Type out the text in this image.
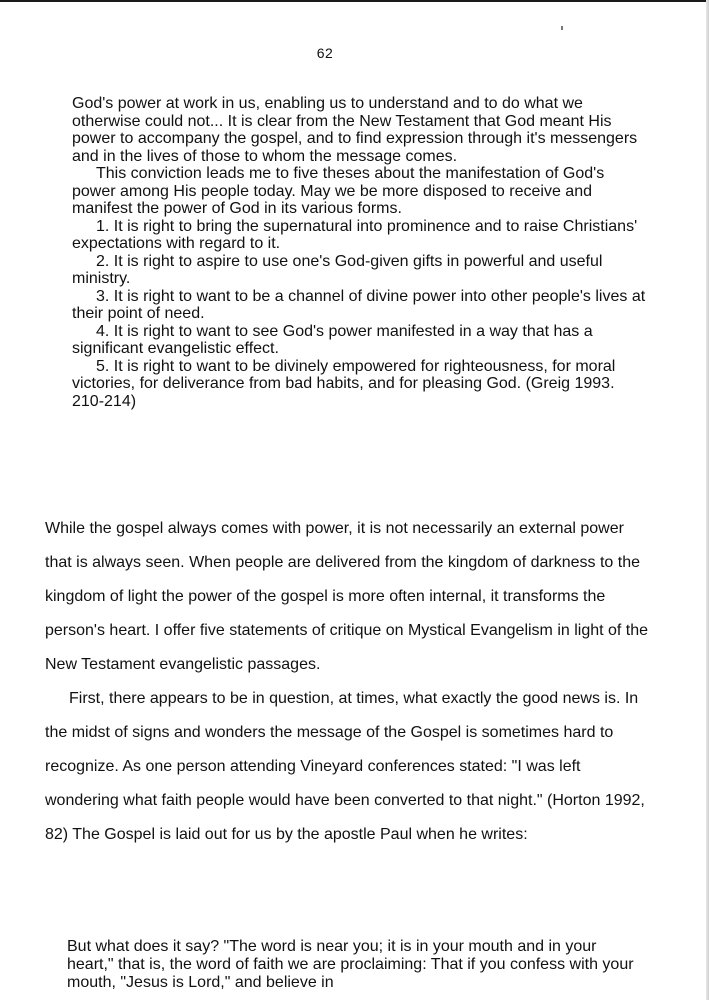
62

God's power at work in us, enabling us to understand and to do what we otherwise could not... It is clear from the New Testament that God meant His power to accompany the gospel, and to find expression through it's messengers and in the lives of those to whom the message comes.

This conviction leads me to five theses about the manifestation of God's power among His people today. May we be more disposed to receive and manifest the power of God in its various forms.

1. It is right to bring the supernatural into prominence and to raise Christians' expectations with regard to it.

2. It is right to aspire to use one's God-given gifts in powerful and useful ministry.

3. It is right to want to be a channel of divine power into other people's lives at their point of need.

4. It is right to want to see God's power manifested in a way that has a significant evangelistic effect.

5. It is right to want to be divinely empowered for righteousness, for moral victories, for deliverance from bad habits, and for pleasing God. (Greig 1993. 210-214)

While the gospel always comes with power, it is not necessarily an external power that is always seen. When people are delivered from the kingdom of darkness to the kingdom of light the power of the gospel is more often internal, it transforms the person's heart. I offer five statements of critique on Mystical Evangelism in light of the New Testament evangelistic passages.

First, there appears to be in question, at times, what exactly the good news is. In the midst of signs and wonders the message of the Gospel is sometimes hard to recognize. As one person attending Vineyard conferences stated: "I was left wondering what faith people would have been converted to that night." (Horton 1992, 82) The Gospel is laid out for us by the apostle Paul when he writes:

But what does it say? "The word is near you; it is in your mouth and in your heart," that is, the word of faith we are proclaiming: That if you confess with your mouth, "Jesus is Lord," and believe in
